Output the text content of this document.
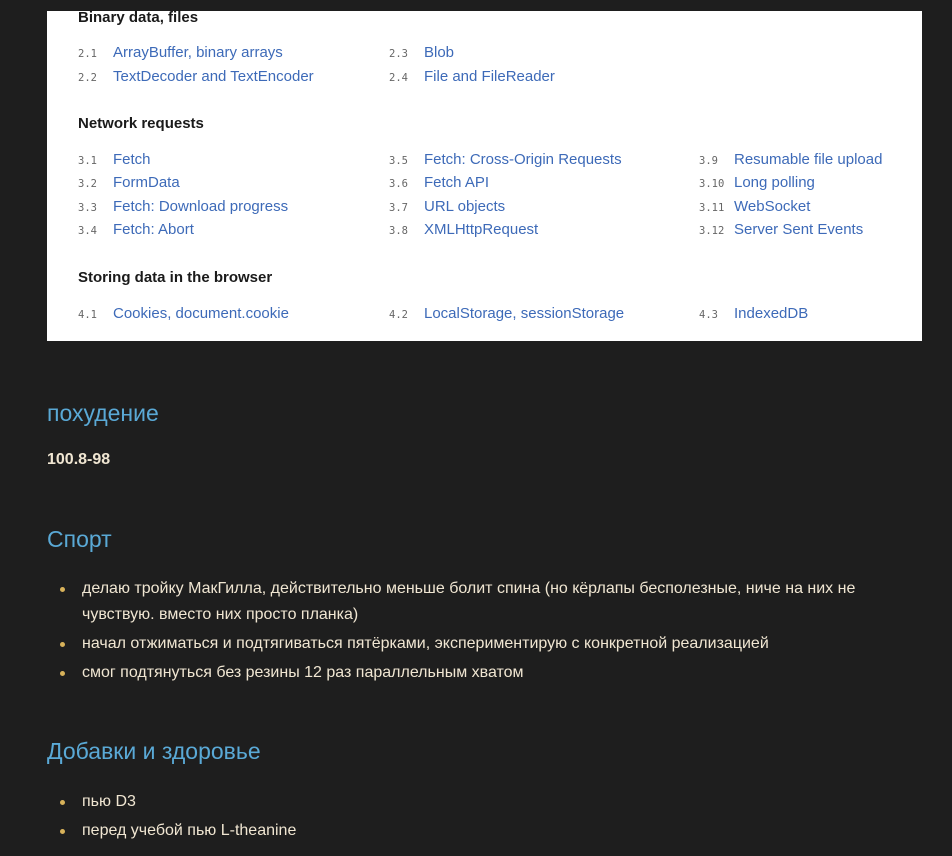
Binary data, files
2.1 ArrayBuffer, binary arrays
2.2 TextDecoder and TextEncoder
2.3 Blob
2.4 File and FileReader
Network requests
3.1 Fetch
3.2 FormData
3.3 Fetch: Download progress
3.4 Fetch: Abort
3.5 Fetch: Cross-Origin Requests
3.6 Fetch API
3.7 URL objects
3.8 XMLHttpRequest
3.9 Resumable file upload
3.10 Long polling
3.11 WebSocket
3.12 Server Sent Events
Storing data in the browser
4.1 Cookies, document.cookie	4.2 LocalStorage, sessionStorage	4.3 IndexedDB
похудение
100.8-98
Спорт
делаю тройку МакГилла, действительно меньше болит спина (но кёрлапы бесполезные, ниче на них не чувствую. вместо них просто планка)
начал отжиматься и подтягиваться пятёрками, экспериментирую с конкретной реализацией
смог подтянуться без резины 12 раз параллельным хватом
Добавки и здоровье
пью D3
перед учебой пью L-theanine
